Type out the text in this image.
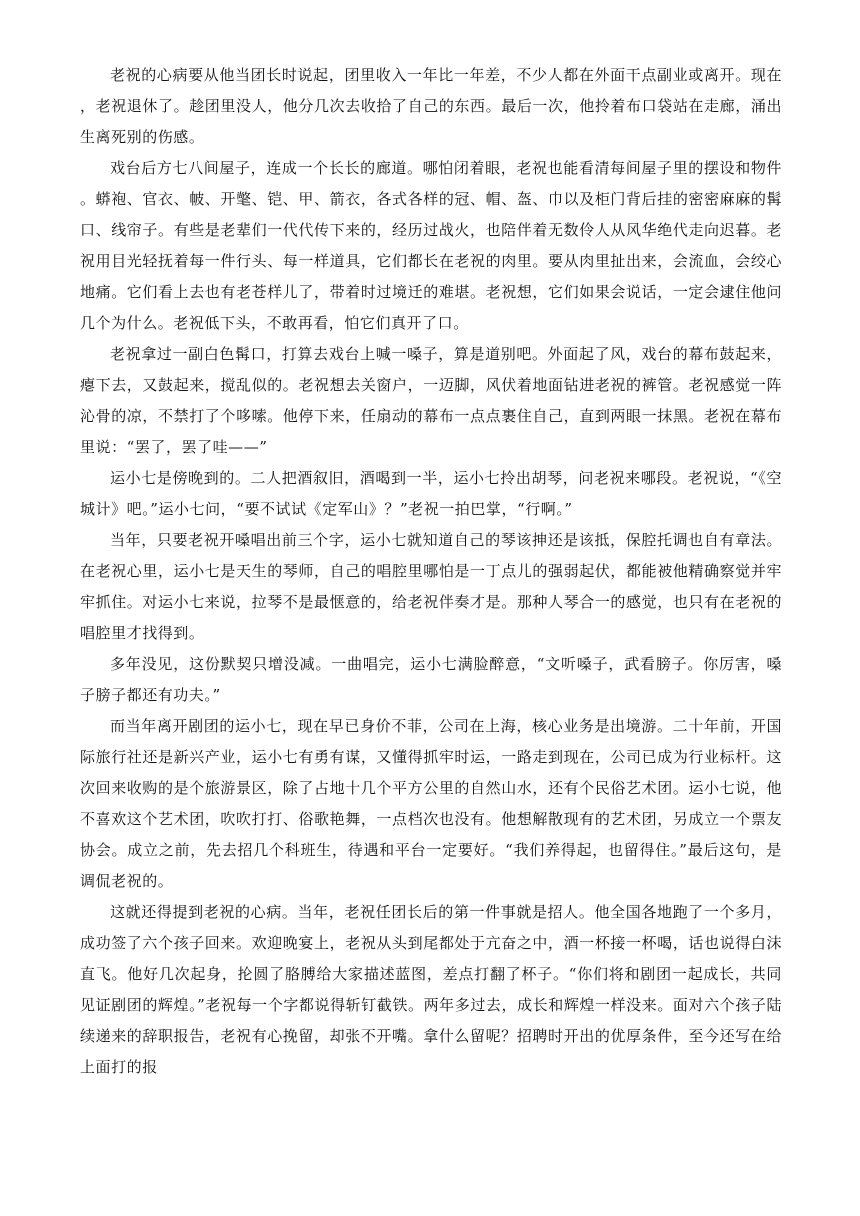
老祝的心病要从他当团长时说起，团里收入一年比一年差，不少人都在外面干点副业或离开。现在，老祝退休了。趁团里没人，他分几次去收拾了自己的东西。最后一次，他拎着布口袋站在走廊，涌出生离死别的伤感。

戏台后方七八间屋子，连成一个长长的廊道。哪怕闭着眼，老祝也能看清每间屋子里的摆设和物件。蟒袍、官衣、帔、开氅、铠、甲、箭衣，各式各样的冠、帽、盔、巾以及柜门背后挂的密密麻麻的髯口、线帘子。有些是老辈们一代代传下来的，经历过战火，也陪伴着无数伶人从风华绝代走向迟暮。老祝用目光轻抚着每一件行头、每一样道具，它们都长在老祝的肉里。要从肉里扯出来，会流血，会绞心地痛。它们看上去也有老苍样儿了，带着时过境迁的难堪。老祝想，它们如果会说话，一定会逮住他问几个为什么。老祝低下头，不敢再看，怕它们真开了口。

老祝拿过一副白色髯口，打算去戏台上喊一嗓子，算是道别吧。外面起了风，戏台的幕布鼓起来，瘪下去，又鼓起来，搅乱似的。老祝想去关窗户，一迈脚，风伏着地面钻进老祝的裤管。老祝感觉一阵沁骨的凉，不禁打了个哆嗦。他停下来，任扇动的幕布一点点裹住自己，直到两眼一抹黑。老祝在幕布里说：“罢了，罢了哇——”

运小七是傍晚到的。二人把酒叙旧，酒喝到一半，运小七拎出胡琴，问老祝来哪段。老祝说，“《空城计》吧。”运小七问，“要不试试《定军山》？”老祝一拍巴掌，“行啊。”

当年，只要老祝开嗓唱出前三个字，运小七就知道自己的琴该抻还是该抵，保腔托调也自有章法。在老祝心里，运小七是天生的琴师，自己的唱腔里哪怕是一丁点儿的强弱起伏，都能被他精确察觉并牢牢抓住。对运小七来说，拉琴不是最惬意的，给老祝伴奏才是。那种人琴合一的感觉，也只有在老祝的唱腔里才找得到。

多年没见，这份默契只增没减。一曲唱完，运小七满脸醉意，“文听嗓子，武看膀子。你厉害，嗓子膀子都还有功夫。”

而当年离开剧团的运小七，现在早已身价不菲，公司在上海，核心业务是出境游。二十年前，开国际旅行社还是新兴产业，运小七有勇有谋，又懂得抓牢时运，一路走到现在，公司已成为行业标杆。这次回来收购的是个旅游景区，除了占地十几个平方公里的自然山水，还有个民俗艺术团。运小七说，他不喜欢这个艺术团，吹吹打打、俗歌艳舞，一点档次也没有。他想解散现有的艺术团，另成立一个票友协会。成立之前，先去招几个科班生，待遇和平台一定要好。“我们养得起，也留得住。”最后这句，是调侃老祝的。

这就还得提到老祝的心病。当年，老祝任团长后的第一件事就是招人。他全国各地跑了一个多月，成功签了六个孩子回来。欢迎晚宴上，老祝从头到尾都处于亢奋之中，酒一杯接一杯喝，话也说得白沫直飞。他好几次起身，抡圆了胳膊给大家描述蓝图，差点打翻了杯子。“你们将和剧团一起成长，共同见证剧团的辉煌。”老祝每一个字都说得斩钉截铁。两年多过去，成长和辉煌一样没来。面对六个孩子陆续递来的辞职报告，老祝有心挽留，却张不开嘴。拿什么留呢？招聘时开出的优厚条件，至今还写在给上面打的报
